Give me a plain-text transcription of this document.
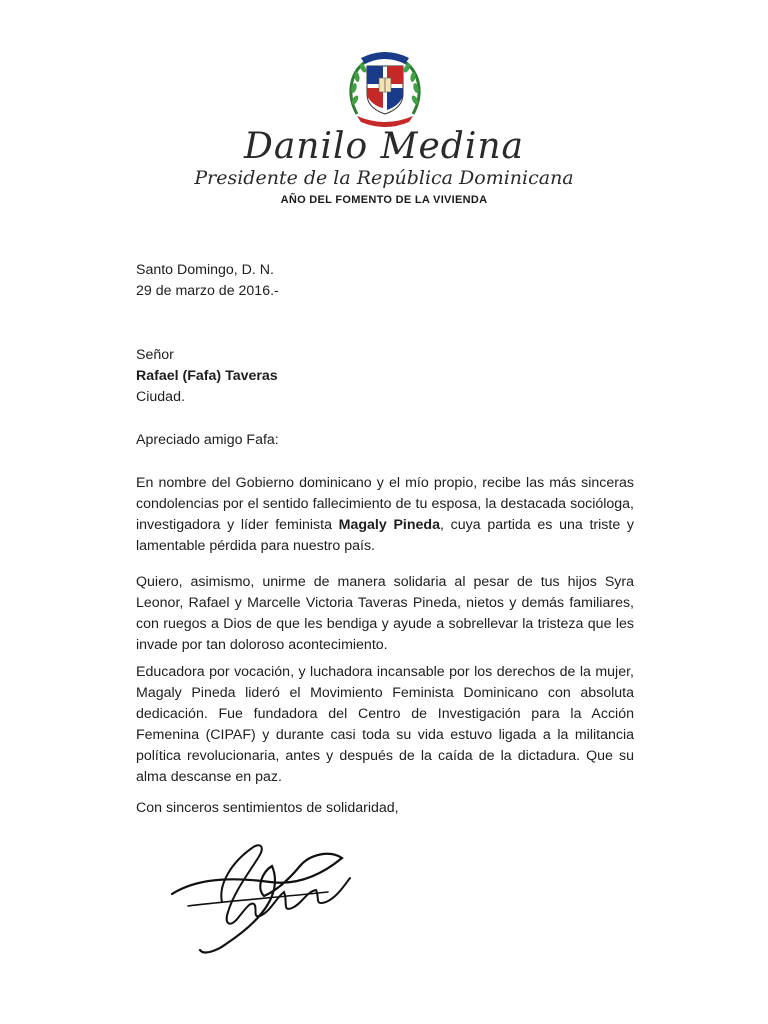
Danilo Medina
Presidente de la República Dominicana
AÑO DEL FOMENTO DE LA VIVIENDA
Santo Domingo, D. N.
29 de marzo de 2016.-
Señor
Rafael (Fafa) Taveras
Ciudad.
Apreciado amigo Fafa:
En nombre del Gobierno dominicano y el mío propio, recibe las más sinceras condolencias por el sentido fallecimiento de tu esposa, la destacada socióloga, investigadora y líder feminista Magaly Pineda, cuya partida es una triste y lamentable pérdida para nuestro país.
Quiero, asimismo, unirme de manera solidaria al pesar de tus hijos Syra Leonor, Rafael y Marcelle Victoria Taveras Pineda, nietos y demás familiares, con ruegos a Dios de que les bendiga y ayude a sobrellevar la tristeza que les invade por tan doloroso acontecimiento.
Educadora por vocación, y luchadora incansable por los derechos de la mujer, Magaly Pineda lideró el Movimiento Feminista Dominicano con absoluta dedicación. Fue fundadora del Centro de Investigación para la Acción Femenina (CIPAF) y durante casi toda su vida estuvo ligada a la militancia política revolucionaria, antes y después de la caída de la dictadura. Que su alma descanse en paz.
Con sinceros sentimientos de solidaridad,
